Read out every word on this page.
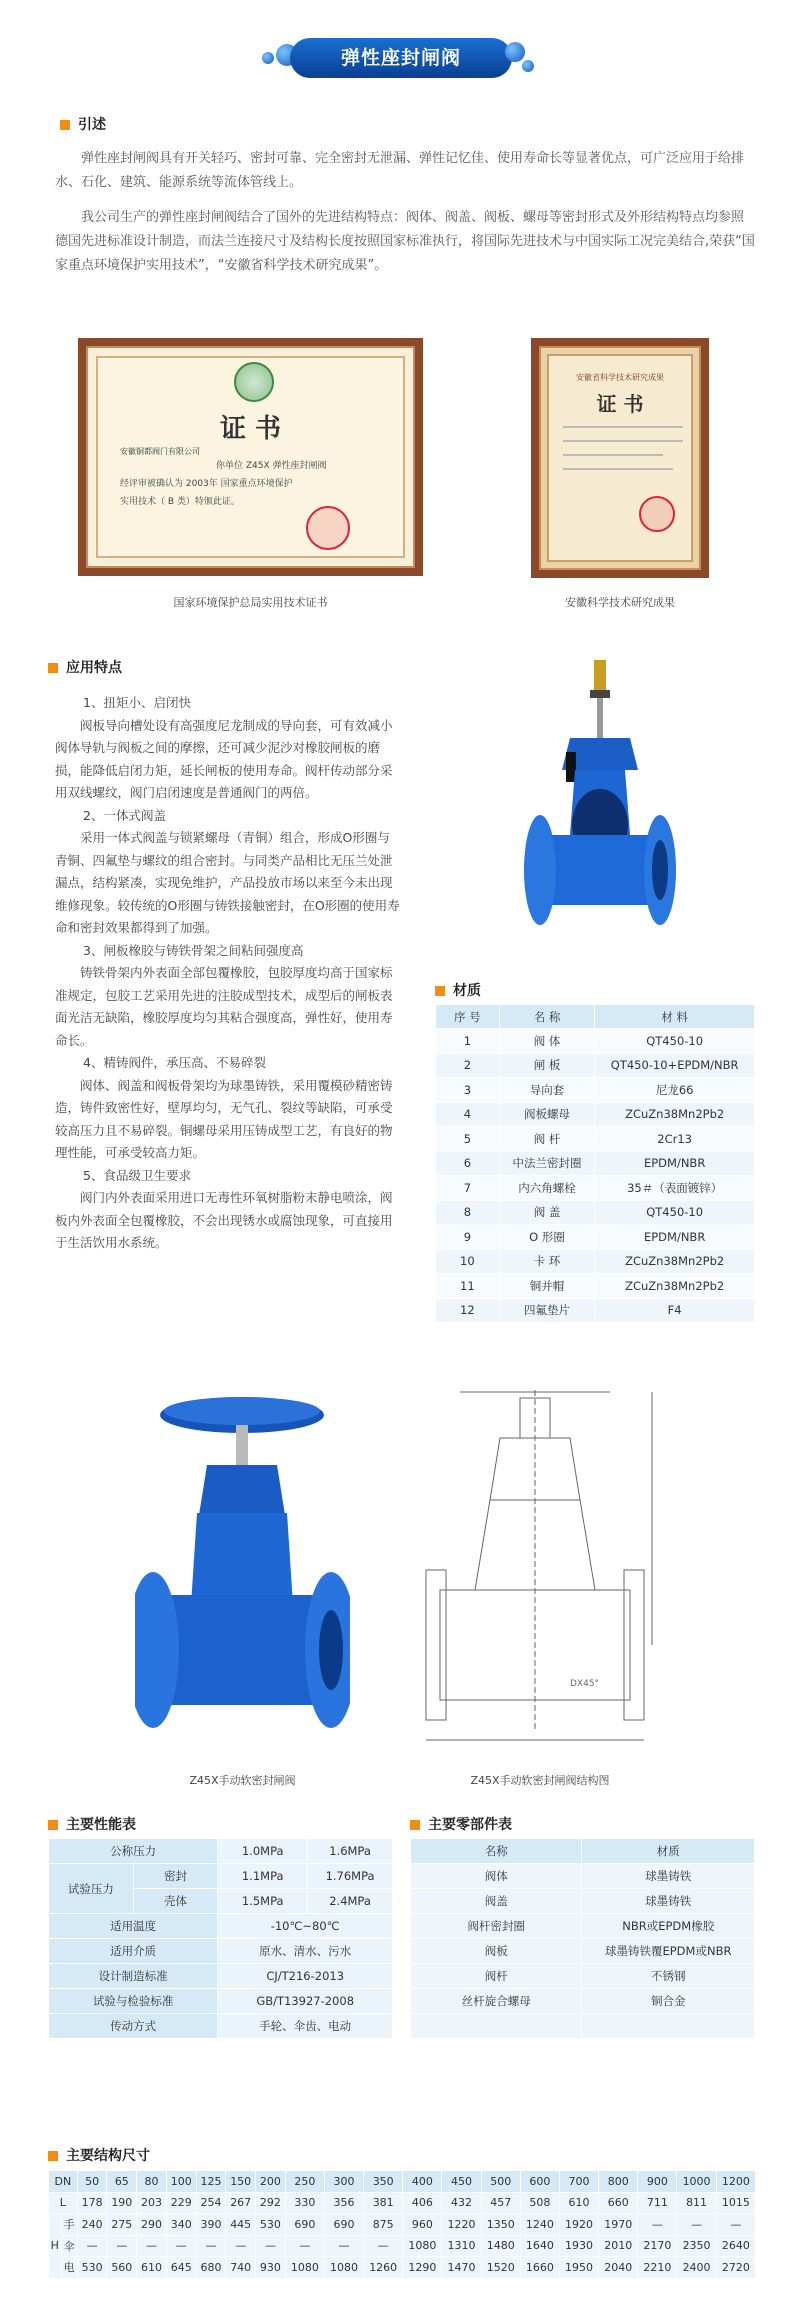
弹性座封闸阀
引述
弹性座封闸阀具有开关轻巧、密封可靠、完全密封无泄漏、弹性记忆佳、使用寿命长等显著优点，可广泛应用于给排水、石化、建筑、能源系统等流体管线上。
我公司生产的弹性座封闸阀结合了国外的先进结构特点：阀体、阀盖、阀板、螺母等密封形式及外形结构特点均参照德国先进标准设计制造，而法兰连接尺寸及结构长度按照国家标准执行，将国际先进技术与中国实际工况完美结合,荣获“国家重点环境保护实用技术”，“安徽省科学技术研究成果”。
证 书
安徽铜都阀门有限公司
你单位 Z45X 弹性座封闸阀
经评审被确认为 2003年 国家重点环境保护
实用技术（ B 类）特颁此证。
国家环境保护总局实用技术证书
安徽省科学技术研究成果
证 书
安徽科学技术研究成果
应用特点
1、扭矩小、启闭快
阀板导向槽处设有高强度尼龙制成的导向套，可有效减小阀体导轨与阀板之间的摩擦，还可减少泥沙对橡胶闸板的磨损，能降低启闭力矩，延长闸板的使用寿命。阀杆传动部分采用双线螺纹，阀门启闭速度是普通阀门的两倍。
2、一体式阀盖
采用一体式阀盖与锁紧螺母（青铜）组合，形成O形圈与青铜、四氟垫与螺纹的组合密封。与同类产品相比无压兰处泄漏点，结构紧凑，实现免维护，产品投放市场以来至今未出现维修现象。较传统的O形圈与铸铁接触密封，在O形圈的使用寿命和密封效果都得到了加强。
3、闸板橡胶与铸铁骨架之间粘间强度高
铸铁骨架内外表面全部包覆橡胶，包胶厚度均高于国家标准规定，包胶工艺采用先进的注胶成型技术，成型后的闸板表面光洁无缺陷，橡胶厚度均匀其粘合强度高，弹性好，使用寿命长。
4、精铸阀件，承压高、不易碎裂
阀体、阀盖和阀板骨架均为球墨铸铁，采用覆模砂精密铸造，铸件致密性好，壁厚均匀，无气孔、裂纹等缺陷，可承受较高压力且不易碎裂。铜螺母采用压铸成型工艺，有良好的物理性能，可承受较高力矩。
5、食品级卫生要求
阀门内外表面采用进口无毒性环氧树脂粉末静电喷涂，阀板内外表面全包覆橡胶，不会出现锈水或腐蚀现象，可直接用于生活饮用水系统。
材质
序 号	名 称	材 料
1	阀 体	QT450-10
2	闸 板	QT450-10+EPDM/NBR
3	导向套	尼龙66
4	阀板螺母	ZCuZn38Mn2Pb2
5	阀 杆	2Cr13
6	中法兰密封圈	EPDM/NBR
7	内六角螺栓	35＃（表面镀锌）
8	阀 盖	QT450-10
9	O 形圈	EPDM/NBR
10	卡 环	ZCuZn38Mn2Pb2
11	铜并帽	ZCuZn38Mn2Pb2
12	四氟垫片	F4
Z45X手动软密封闸阀
DX45°
Z45X手动软密封闸阀结构图
主要性能表
公称压力		1.0MPa	1.6MPa
试验压力	密封	1.1MPa	1.76MPa
	壳体	1.5MPa	2.4MPa
适用温度		-10℃~80℃	
适用介质		原水、清水、污水	
设计制造标准		CJ/T216-2013	
试验与检验标准		GB/T13927-2008	
传动方式		手轮、伞齿、电动	
主要零部件表
名称	材质
阀体	球墨铸铁
阀盖	球墨铸铁
阀杆密封圈	NBR或EPDM橡胶
阀板	球墨铸铁覆EPDM或NBR
阀杆	不锈钢
丝杆旋合螺母	铜合金

主要结构尺寸
DN		50	65	80	100	125	150	200	250	300	350	400	450	500	600	700	800	900	1000	1200
L		178	190	203	229	254	267	292	330	356	381	406	432	457	508	610	660	711	811	1015
H	手	240	275	290	340	390	445	530	690	690	875	960	1220	1350	1240	1920	1970	—	—	—
	伞	—	—	—	—	—	—	—	—	—	—	1080	1310	1480	1640	1930	2010	2170	2350	2640
	电	530	560	610	645	680	740	930	1080	1080	1260	1290	1470	1520	1660	1950	2040	2210	2400	2720
